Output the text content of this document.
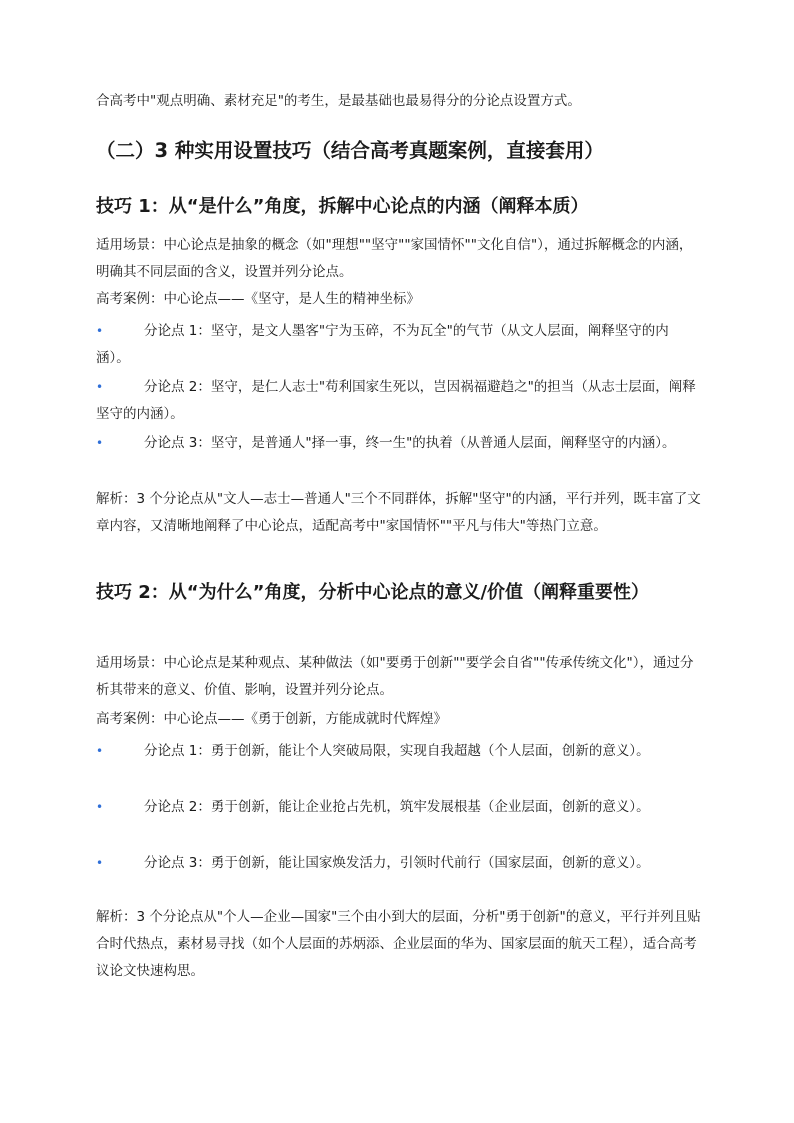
合高考中"观点明确、素材充足"的考生，是最基础也最易得分的分论点设置方式。

（二）3 种实用设置技巧（结合高考真题案例，直接套用）
技巧 1：从“是什么”角度，拆解中心论点的内涵（阐释本质）

适用场景：中心论点是抽象的概念（如"理想""坚守""家国情怀""文化自信"），通过拆解概念的内涵，明确其不同层面的含义，设置并列分论点。

高考案例：中心论点——《坚守，是人生的精神坐标》

•	分论点 1：坚守，是文人墨客"宁为玉碎，不为瓦全"的气节（从文人层面，阐释坚守的内涵）。
•	分论点 2：坚守，是仁人志士"苟利国家生死以，岂因祸福避趋之"的担当（从志士层面，阐释坚守的内涵）。
•	分论点 3：坚守，是普通人"择一事，终一生"的执着（从普通人层面，阐释坚守的内涵）。

解析：3 个分论点从"文人—志士—普通人"三个不同群体，拆解"坚守"的内涵，平行并列，既丰富了文章内容，又清晰地阐释了中心论点，适配高考中"家国情怀""平凡与伟大"等热门立意。

技巧 2：从“为什么”角度，分析中心论点的意义/价值（阐释重要性）

适用场景：中心论点是某种观点、某种做法（如"要勇于创新""要学会自省""传承传统文化"），通过分析其带来的意义、价值、影响，设置并列分论点。

高考案例：中心论点——《勇于创新，方能成就时代辉煌》

•	分论点 1：勇于创新，能让个人突破局限，实现自我超越（个人层面，创新的意义）。
•	分论点 2：勇于创新，能让企业抢占先机，筑牢发展根基（企业层面，创新的意义）。
•	分论点 3：勇于创新，能让国家焕发活力，引领时代前行（国家层面，创新的意义）。

解析：3 个分论点从"个人—企业—国家"三个由小到大的层面，分析"勇于创新"的意义，平行并列且贴合时代热点，素材易寻找（如个人层面的苏炳添、企业层面的华为、国家层面的航天工程），适合高考议论文快速构思。
